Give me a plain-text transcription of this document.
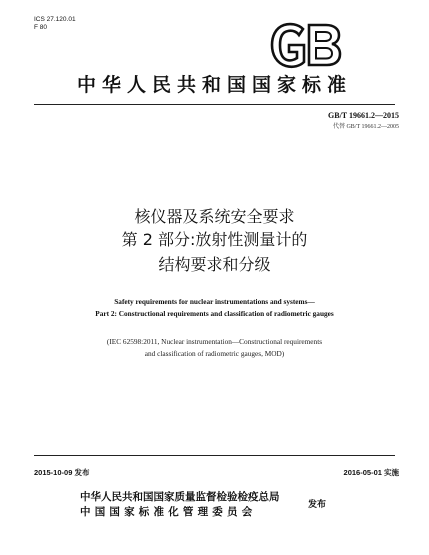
ICS 27.120.01
F 80
中华人民共和国国家标准
GB/T 19661.2—2015
代替 GB/T 19661.2—2005
核仪器及系统安全要求
第 2 部分:放射性测量计的
结构要求和分级
Safety requirements for nuclear instrumentations and systems—
Part 2: Constructional requirements and classification of radiometric gauges
(IEC 62598:2011, Nuclear instrumentation—Constructional requirements
and classification of radiometric gauges, MOD)
2015-10-09 发布	2016-05-01 实施
中华人民共和国国家质量监督检验检疫总局
中国国家标准化管理委员会
发布
